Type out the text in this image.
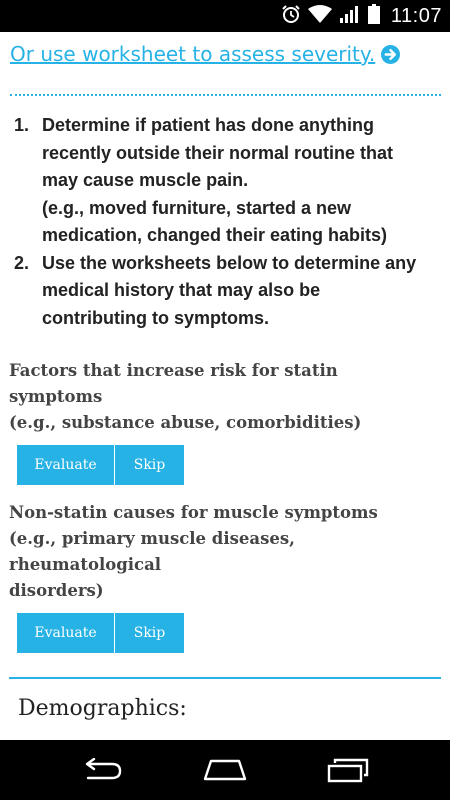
11:07
Or use worksheet to assess severity.
1. Determine if patient has done anything
recently outside their normal routine that
may cause muscle pain.
(e.g., moved furniture, started a new
medication, changed their eating habits)
2. Use the worksheets below to determine any
medical history that may also be
contributing to symptoms.

Factors that increase risk for statin symptoms
(e.g., substance abuse, comorbidities)

Evaluate	Skip

Non-statin causes for muscle symptoms
(e.g., primary muscle diseases, rheumatological
disorders)

Evaluate	Skip
Demographics:
